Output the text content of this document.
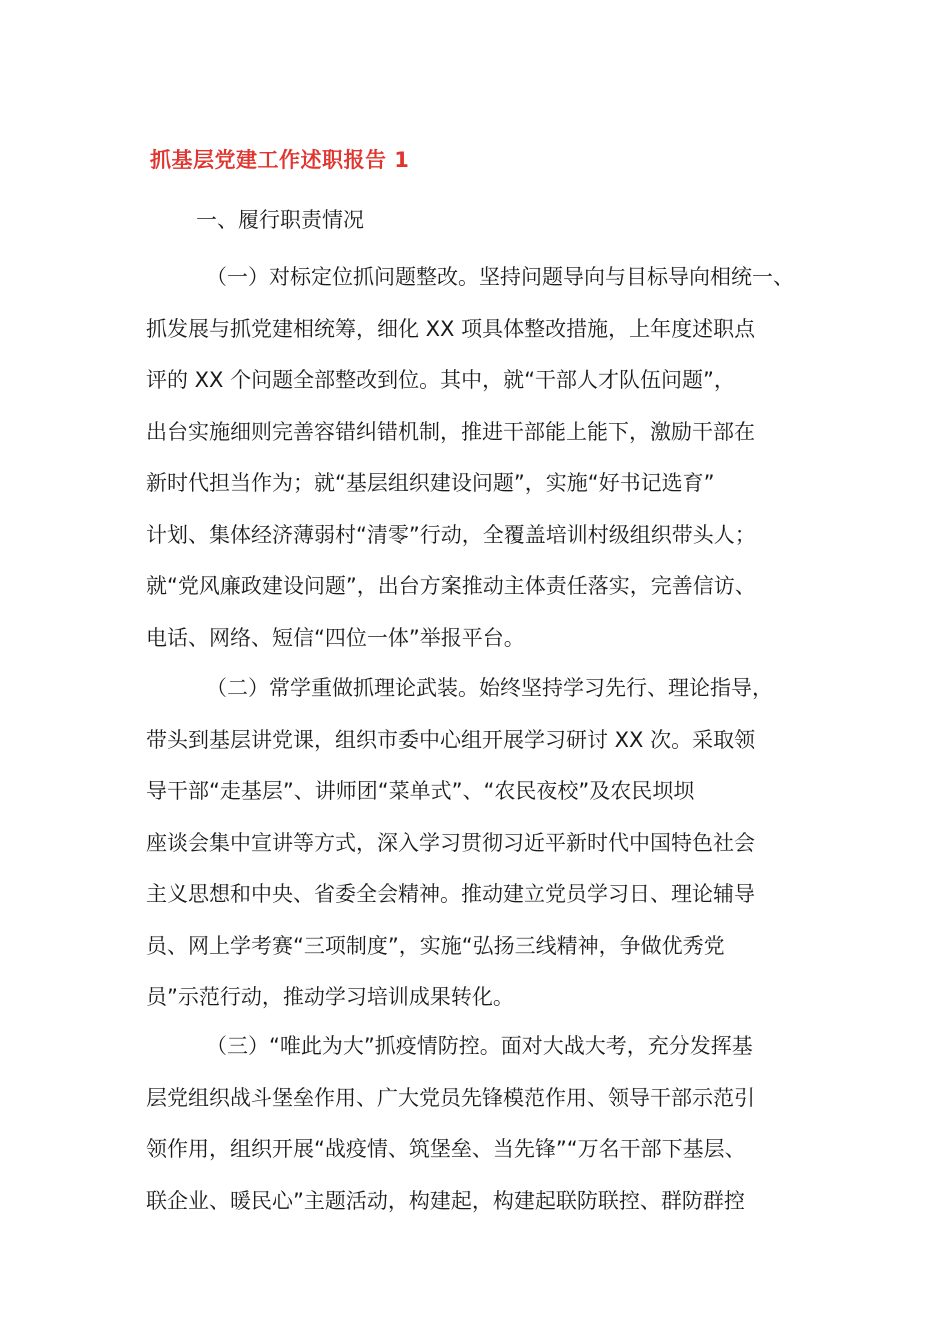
抓基层党建工作述职报告 1
一、履行职责情况
（一）对标定位抓问题整改。坚持问题导向与目标导向相统一、
抓发展与抓党建相统筹，细化 XX 项具体整改措施，上年度述职点
评的 XX 个问题全部整改到位。其中，就“干部人才队伍问题”，
出台实施细则完善容错纠错机制，推进干部能上能下，激励干部在
新时代担当作为；就“基层组织建设问题”，实施“好书记选育”
计划、集体经济薄弱村“清零”行动，全覆盖培训村级组织带头人；
就“党风廉政建设问题”，出台方案推动主体责任落实，完善信访、
电话、网络、短信“四位一体”举报平台。
（二）常学重做抓理论武装。始终坚持学习先行、理论指导，
带头到基层讲党课，组织市委中心组开展学习研讨 XX 次。采取领
导干部“走基层”、讲师团“菜单式”、“农民夜校”及农民坝坝
座谈会集中宣讲等方式，深入学习贯彻习近平新时代中国特色社会
主义思想和中央、省委全会精神。推动建立党员学习日、理论辅导
员、网上学考赛“三项制度”，实施“弘扬三线精神，争做优秀党
员”示范行动，推动学习培训成果转化。
（三）“唯此为大”抓疫情防控。面对大战大考，充分发挥基
层党组织战斗堡垒作用、广大党员先锋模范作用、领导干部示范引
领作用，组织开展“战疫情、筑堡垒、当先锋”“万名干部下基层、
联企业、暖民心”主题活动，构建起，构建起联防联控、群防群控
